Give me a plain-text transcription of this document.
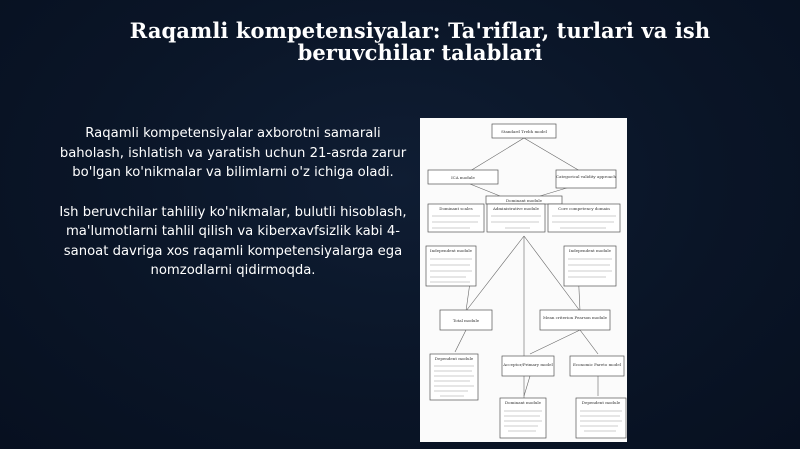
Raqamli kompetensiyalar: Ta'riflar, turlari va ish beruvchilar talablari

Raqamli kompetensiyalar axborotni samarali baholash, ishlatish va yaratish uchun 21-asrda zarur bo'lgan ko'nikmalar va bilimlarni o'z ichiga oladi.

Ish beruvchilar tahliliy ko'nikmalar, bulutli hisoblash, ma'lumotlarni tahlil qilish va kiberxavfsizlik kabi 4-sanoat davriga xos raqamli kompetensiyalarga ega nomzodlarni qidirmoqda.

Standard Trebh model
ICA module	Categorical validity approach
Dominant module
Dominant scales	Administrative module	Core competency domain
Independent module	Independent module
Total module
Mean criterion Pearson module
Dependent module
Acceptor/Primary model	Economic Pareto model
Dominant module	Dependent module
